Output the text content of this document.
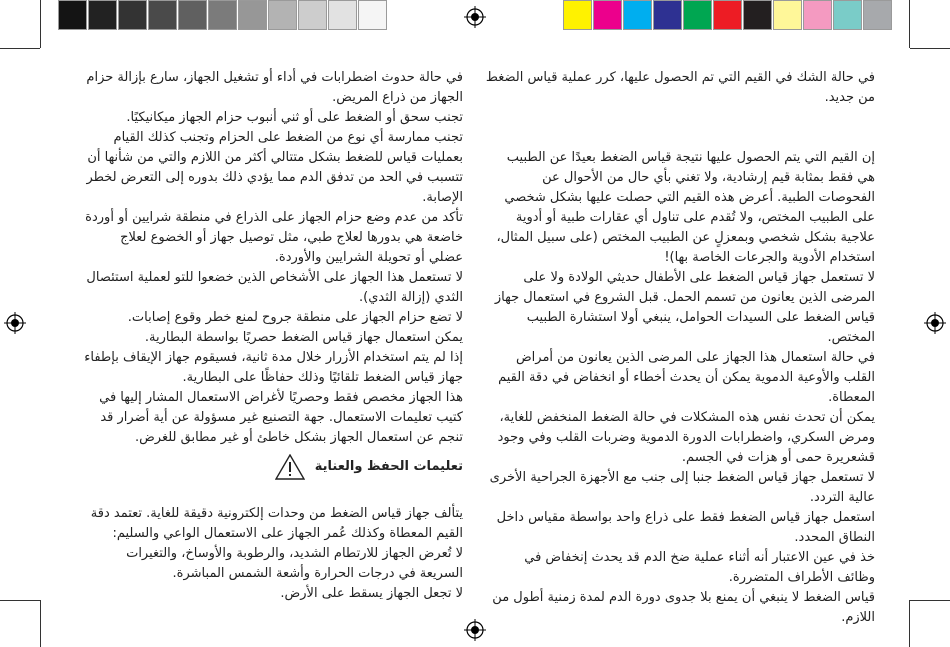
في حالة حدوث اضطرابات في أداء أو تشغيل الجهاز، سارع بإزالة حزام الجهاز من ذراع المريض.

تجنب سحق أو الضغط على أو ثني أنبوب حزام الجهاز ميكانيكيًا.

تجنب ممارسة أي نوع من الضغط على الحزام وتجنب كذلك القيام بعمليات قياس للضغط بشكل متتالي أكثر من اللازم والتي من شأنها أن تتسبب في الحد من تدفق الدم مما يؤدي ذلك بدوره إلى التعرض لخطر الإصابة.

تأكد من عدم وضع حزام الجهاز على الذراع في منطقة شرايين أو أوردة خاضعة هي بدورها لعلاج طبي، مثل توصيل جهاز أو الخضوع لعلاج عضلي أو تحويلة الشرايين والأوردة.

لا تستعمل هذا الجهاز على الأشخاص الذين خضعوا للتو لعملية استئصال الثدي (إزالة الثدي).

لا تضع حزام الجهاز على منطقة جروح لمنع خطر وقوع إصابات.

يمكن استعمال جهاز قياس الضغط حصريًا بواسطة البطارية.

إذا لم يتم استخدام الأزرار خلال مدة ثانية، فسيقوم جهاز الإيقاف بإطفاء جهاز قياس الضغط تلقائيًا وذلك حفاظًا على البطارية.

هذا الجهاز مخصص فقط وحصريًا لأغراض الاستعمال المشار إليها في كتيب تعليمات الاستعمال. جهة التصنيع غير مسؤولة عن أية أضرار قد تنجم عن استعمال الجهاز بشكل خاطئ أو غير مطابق للغرض.

تعليمات الحفظ والعناية

يتألف جهاز قياس الضغط من وحدات إلكترونية دقيقة للغاية. تعتمد دقة القيم المعطاة وكذلك عُمر الجهاز على الاستعمال الواعي والسليم:

لا تُعرض الجهاز للارتطام الشديد، والرطوبة والأوساخ، والتغيرات السريعة في درجات الحرارة وأشعة الشمس المباشرة.

لا تجعل الجهاز يسقط على الأرض.

في حالة الشك في القيم التي تم الحصول عليها، كرر عملية قياس الضغط من جديد.

إن القيم التي يتم الحصول عليها نتيجة قياس الضغط بعيدًا عن الطبيب هي فقط بمثابة قيم إرشادية، ولا تغني بأي حال من الأحوال عن الفحوصات الطبية. أعرض هذه القيم التي حصلت عليها بشكل شخصي على الطبيب المختص، ولا تُقدم على تناول أي عقارات طبية أو أدوية علاجية بشكل شخصي وبمعزلٍ عن الطبيب المختص (على سبيل المثال، استخدام الأدوية والجرعات الخاصة بها)!

لا تستعمل جهاز قياس الضغط على الأطفال حديثي الولادة ولا على المرضى الذين يعانون من تسمم الحمل. قبل الشروع في استعمال جهاز قياس الضغط على السيدات الحوامل، ينبغي أولا استشارة الطبيب المختص.

في حالة استعمال هذا الجهاز على المرضى الذين يعانون من أمراض القلب والأوعية الدموية يمكن أن يحدث أخطاء أو انخفاض في دقة القيم المعطاة.

يمكن أن تحدث نفس هذه المشكلات في حالة الضغط المنخفض للغاية، ومرض السكري، واضطرابات الدورة الدموية وضربات القلب وفي وجود قشعريرة حمى أو هزات في الجسم.

لا تستعمل جهاز قياس الضغط جنبا إلى جنب مع الأجهزة الجراحية الأخرى عالية التردد.

استعمل جهاز قياس الضغط فقط على ذراع واحد بواسطة مقياس داخل النطاق المحدد.

خذ في عين الاعتبار أنه أثناء عملية ضخ الدم قد يحدث إنخفاض في وظائف الأطراف المتضررة.

قياس الضغط لا ينبغي أن يمنع بلا جدوى دورة الدم لمدة زمنية أطول من اللازم.
